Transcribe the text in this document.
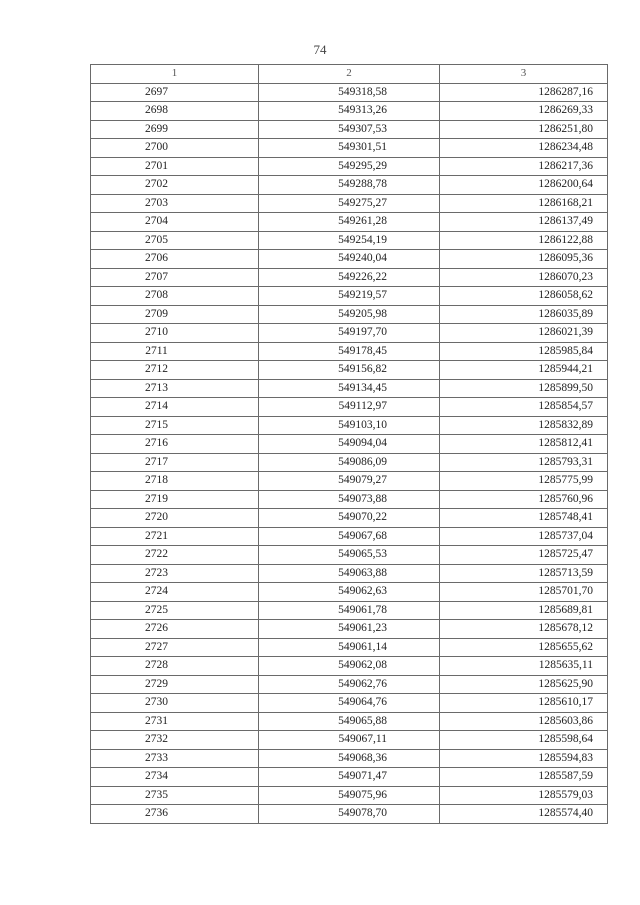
74
1	2	3
2697	549318,58	1286287,16
2698	549313,26	1286269,33
2699	549307,53	1286251,80
2700	549301,51	1286234,48
2701	549295,29	1286217,36
2702	549288,78	1286200,64
2703	549275,27	1286168,21
2704	549261,28	1286137,49
2705	549254,19	1286122,88
2706	549240,04	1286095,36
2707	549226,22	1286070,23
2708	549219,57	1286058,62
2709	549205,98	1286035,89
2710	549197,70	1286021,39
2711	549178,45	1285985,84
2712	549156,82	1285944,21
2713	549134,45	1285899,50
2714	549112,97	1285854,57
2715	549103,10	1285832,89
2716	549094,04	1285812,41
2717	549086,09	1285793,31
2718	549079,27	1285775,99
2719	549073,88	1285760,96
2720	549070,22	1285748,41
2721	549067,68	1285737,04
2722	549065,53	1285725,47
2723	549063,88	1285713,59
2724	549062,63	1285701,70
2725	549061,78	1285689,81
2726	549061,23	1285678,12
2727	549061,14	1285655,62
2728	549062,08	1285635,11
2729	549062,76	1285625,90
2730	549064,76	1285610,17
2731	549065,88	1285603,86
2732	549067,11	1285598,64
2733	549068,36	1285594,83
2734	549071,47	1285587,59
2735	549075,96	1285579,03
2736	549078,70	1285574,40
